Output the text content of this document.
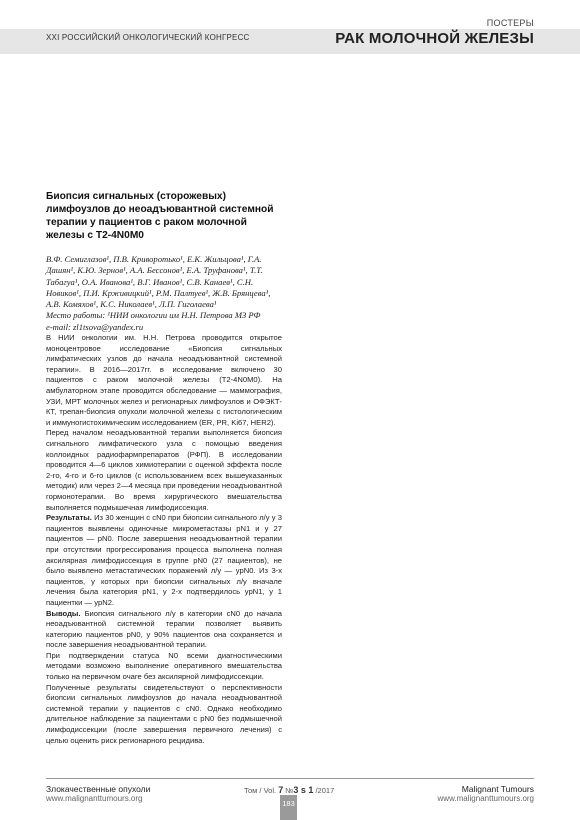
XXI РОССИЙСКИЙ ОНКОЛОГИЧЕСКИЙ КОНГРЕСС
ПОСТЕРЫ
РАК МОЛОЧНОЙ ЖЕЛЕЗЫ
Биопсия сигнальных (сторожевых) лимфоузлов до неоадъювантной системной терапии у пациентов с раком молочной железы с T2-4N0M0

В.Ф. Семиглазов¹, П.В. Криворотько¹, Е.К. Жильцова¹, Г.А. Дашян¹, К.Ю. Зернов¹, А.А. Бессонов¹, Е.А. Труфанова¹, Т.Т. Табагуа¹, О.А. Иванова¹, В.Г. Иванов¹, С.В. Канаев¹, С.Н. Новиков¹, П.И. Крживицкий¹, Р.М. Палтуев¹, Ж.В. Брянцева¹, А.В. Комяхов¹, К.С. Николаев¹, Л.П. Гиголаева¹

Место работы: ¹НИИ онкологии им Н.Н. Петрова МЗ РФ

e-mail: zl1tsova@yandex.ru

В НИИ онкологии им. Н.Н. Петрова проводится открытое моноцентровое исследование «Биопсия сигнальных лимфатических узлов до начала неоадъювантной системной терапии». В 2016—2017гг. в исследование включено 30 пациентов с раком молочной железы (T2-4N0M0). На амбулаторном этапе проводится обследование — маммография, УЗИ, МРТ молочных желез и регионарных лимфоузлов и ОФЭКТ-КТ, трепан-биопсия опухоли молочной железы с гистологическим и иммуногистохимическим исследованием (ER, PR, Ki67, HER2).

Перед началом неоадъювантной терапии выполняется биопсия сигнального лимфатического узла с помощью введения коллоидных радиофармпрепаратов (РФП). В исследовании проводится 4—6 циклов химиотерапии с оценкой эффекта после 2-го, 4-го и 6-го циклов (с использованием всех вышеуказанных методик) или через 2—4 месяца при проведении неоадъювантной гормонотерапии. Во время хирургического вмешательства выполняется подмышечная лимфодиссекция.

Результаты. Из 30 женщин с cN0 при биопсии сигнального л/у у 3 пациентов выявлены одиночные микрометастазы pN1 и у 27 пациентов — pN0. После завершения неоадъювантной терапии при отсутствии прогрессирования процесса выполнена полная аксилярная лимфодиссекция в группе pN0 (27 пациентов), не было выявлено метастатических поражений л/у — ypN0. Из 3-х пациентов, у которых при биопсии сигнальных л/у вначале лечения была категория pN1, у 2-х подтвердилось ypN1, у 1 пациентки — ypN2.

Выводы. Биопсия сигнального л/у в категории cN0 до начала неоадъювантной системной терапии позволяет выявить категорию пациентов pN0, у 90% пациентов она сохраняется и после завершения неоадъювантной терапии.

При подтверждении статуса N0 всеми диагностическими методами возможно выполнение оперативного вмешательства только на первичном очаге без аксилярной лимфодиссекции.

Полученные результаты свидетельствуют о перспективности биопсии сигнальных лимфоузлов до начала неоадъювантной системной терапии у пациентов с cN0. Однако необходимо длительное наблюдение за пациентами с pN0 без подмышечной лимфодиссекции (после завершения первичного лечения) с целью оценить риск регионарного рецидива.

Злокачественные опухоли
www.malignanttumours.org
Том / Vol. 7 №3 s 1 /2017	Malignant Tumours
www.malignanttumours.org
183
